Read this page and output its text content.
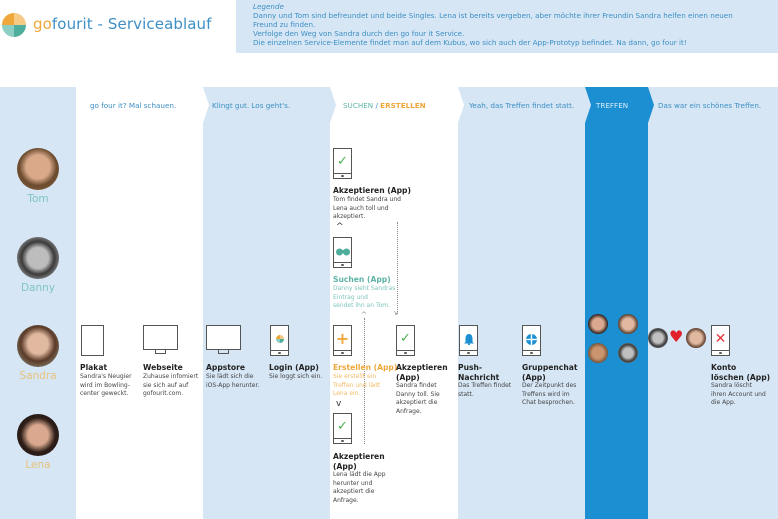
gofourit - Serviceablauf
Legende
Danny und Tom sind befreundet und beide Singles. Lena ist bereits vergeben, aber möchte ihrer Freundin Sandra helfen einen neuen
Freund zu finden.
Verfolge den Weg von Sandra durch den go four it Service.
Die einzelnen Service-Elemente findet man auf dem Kubus, wo sich auch der App-Prototyp befindet. Na dann, go four it!
go four it? Mal schauen.	Klingt gut. Los geht's.	SUCHEN / ERSTELLEN	Yeah, das Treffen findet statt.	TREFFEN	Das war ein schönes Treffen.
Tom
Danny
Sandra
Lena
Plakat
Sandra's Neugier
wird im Bowling-
center geweckt.
Webseite
Zuhause infomiert
sie sich auf auf
gofourit.com.
Appstore
Sie lädt sich die
iOS-App herunter.
Login (App)
Sie loggt sich ein.
✓
Akzeptieren (App)
Tom findet Sandra und
Lena auch toll und
akzeptiert.
^
Suchen (App)
Danny sieht Sandras
Eintrag und
sendet ihn an Tom.
v
^
+
Erstellen (App)
Sie erstellt ein
Treffen und lädt
Lena ein.
v
✓
Akzeptieren
(App)
Sandra findet
Danny toll. Sie
akzeptiert die
Anfrage.
✓
Akzeptieren
(App)
Lena lädt die App
herunter und
akzeptiert die
Anfrage.
Push-
Nachricht
Das Treffen findet
statt.
Gruppenchat
(App)
Der Zeitpunkt des
Treffens wird im
Chat besprochen.
♥ ✕
Konto
löschen (App)
Sandra löscht
ihren Account und
die App.
